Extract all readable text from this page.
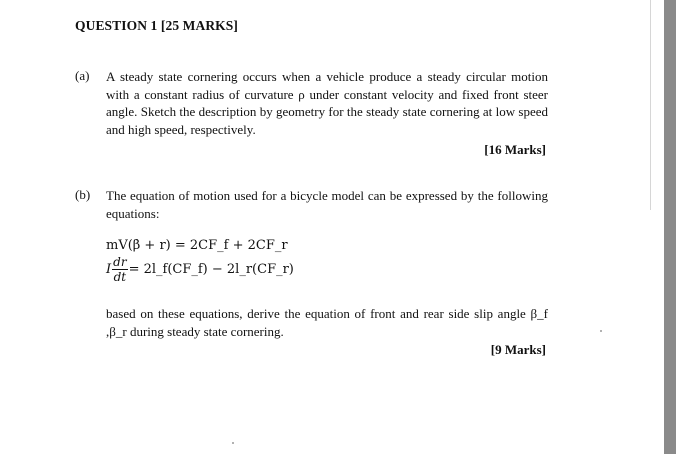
QUESTION 1 [25 MARKS]
(a) A steady state cornering occurs when a vehicle produce a steady circular motion with a constant radius of curvature ρ under constant velocity and fixed front steer angle. Sketch the description by geometry for the steady state cornering at low speed and high speed, respectively.
[16 Marks]
(b) The equation of motion used for a bicycle model can be expressed by the following equations:
mV(β̇ + r) = 2CF_f + 2CF_r
I $\frac{dr}{dt}$ = 2l_f(CF_f) − 2l_r(CF_r)
based on these equations, derive the equation of front and rear side slip angle β_f ,β_r during steady state cornering.
[9 Marks]
